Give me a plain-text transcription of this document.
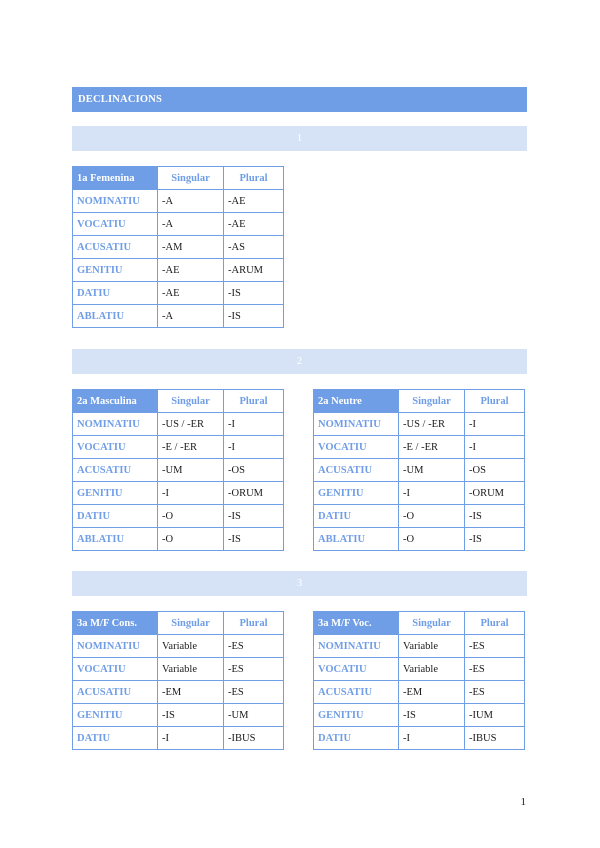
DECLINACIONS
1
2
3
1a Femenina	Singular	Plural
NOMINATIU	-A	-AE
VOCATIU	-A	-AE
ACUSATIU	-AM	-AS
GENITIU	-AE	-ARUM
DATIU	-AE	-IS
ABLATIU	-A	-IS
2a Masculina	Singular	Plural
NOMINATIU	-US / -ER	-I
VOCATIU	-E / -ER	-I
ACUSATIU	-UM	-OS
GENITIU	-I	-ORUM
DATIU	-O	-IS
ABLATIU	-O	-IS
2a Neutre	Singular	Plural
NOMINATIU	-US / -ER	-I
VOCATIU	-E / -ER	-I
ACUSATIU	-UM	-OS
GENITIU	-I	-ORUM
DATIU	-O	-IS
ABLATIU	-O	-IS
3a M/F Cons.	Singular	Plural
NOMINATIU	Variable	-ES
VOCATIU	Variable	-ES
ACUSATIU	-EM	-ES
GENITIU	-IS	-UM
DATIU	-I	-IBUS
3a M/F Voc.	Singular	Plural
NOMINATIU	Variable	-ES
VOCATIU	Variable	-ES
ACUSATIU	-EM	-ES
GENITIU	-IS	-IUM
DATIU	-I	-IBUS
1
